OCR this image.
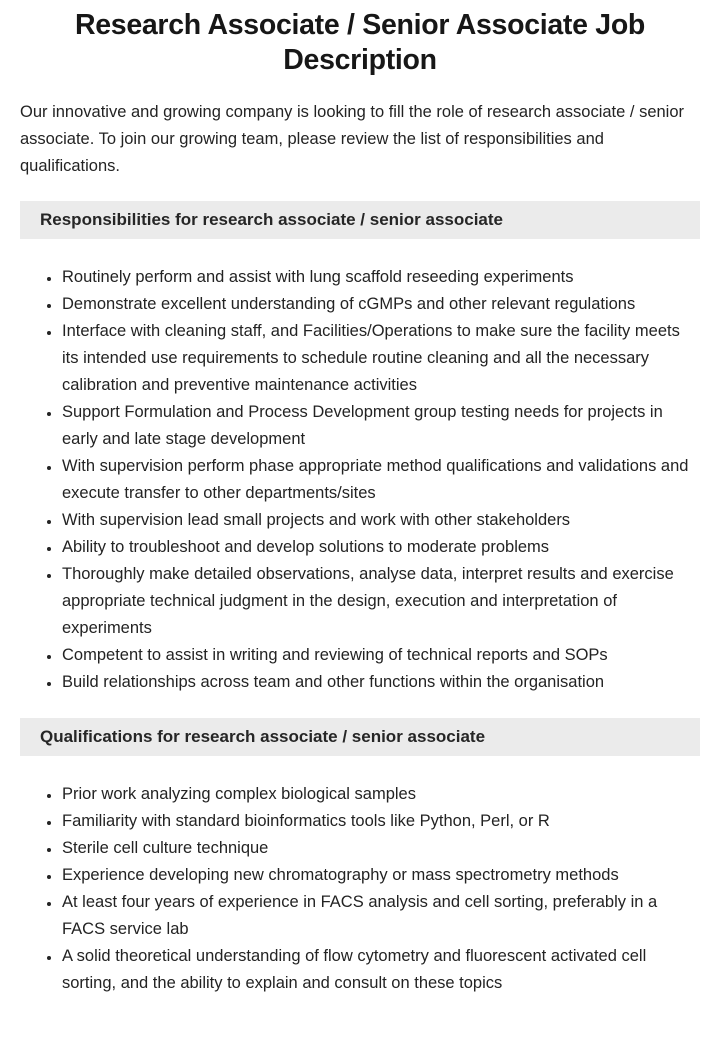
Research Associate / Senior Associate Job Description

Our innovative and growing company is looking to fill the role of research associate / senior associate. To join our growing team, please review the list of responsibilities and qualifications.

Responsibilities for research associate / senior associate
• Routinely perform and assist with lung scaffold reseeding experiments
• Demonstrate excellent understanding of cGMPs and other relevant regulations
• Interface with cleaning staff, and Facilities/Operations to make sure the facility meets its intended use requirements to schedule routine cleaning and all the necessary calibration and preventive maintenance activities
• Support Formulation and Process Development group testing needs for projects in early and late stage development
• With supervision perform phase appropriate method qualifications and validations and execute transfer to other departments/sites
• With supervision lead small projects and work with other stakeholders
• Ability to troubleshoot and develop solutions to moderate problems
• Thoroughly make detailed observations, analyse data, interpret results and exercise appropriate technical judgment in the design, execution and interpretation of experiments
• Competent to assist in writing and reviewing of technical reports and SOPs
• Build relationships across team and other functions within the organisation
Qualifications for research associate / senior associate
• Prior work analyzing complex biological samples
• Familiarity with standard bioinformatics tools like Python, Perl, or R
• Sterile cell culture technique
• Experience developing new chromatography or mass spectrometry methods
• At least four years of experience in FACS analysis and cell sorting, preferably in a FACS service lab
• A solid theoretical understanding of flow cytometry and fluorescent activated cell sorting, and the ability to explain and consult on these topics
